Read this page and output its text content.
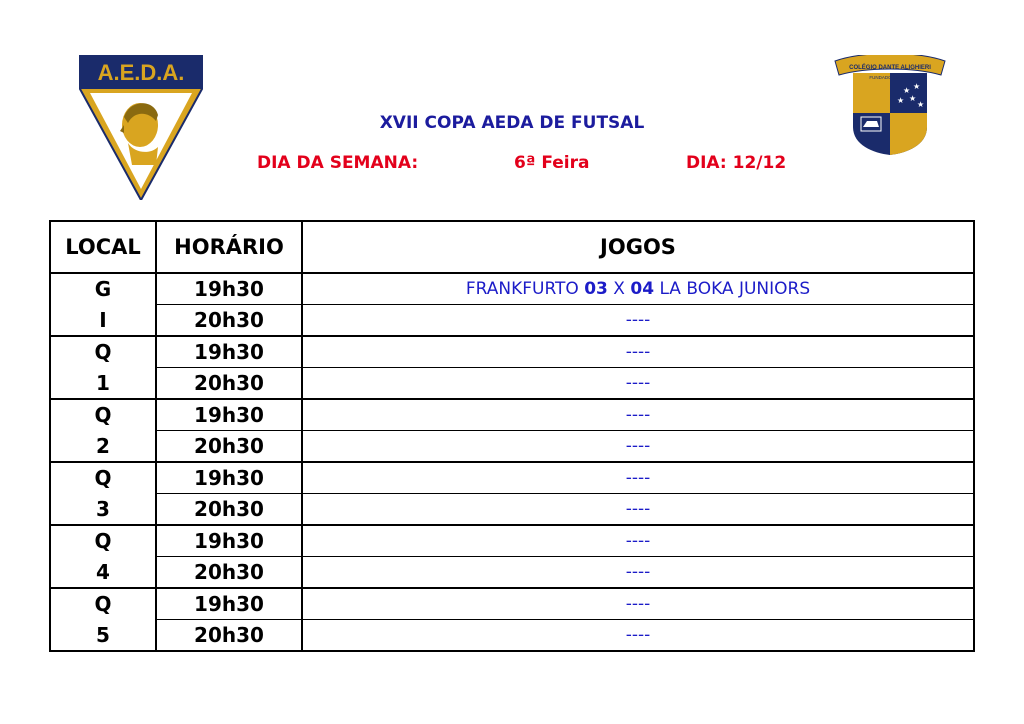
A.E.D.A.	COLÉGIO DANTE ALIGHIERI
FUNDADO EM 1911
★ ★
★ ★
★
XVII COPA AEDA DE FUTSAL
DIA DA SEMANA:	6ª Feira	DIA: 12/12
LOCAL	HORÁRIO	JOGOS
G	19h30	FRANKFURTO 03 X 04 LA BOKA JUNIORS
I	20h30	----
Q	19h30	----
1	20h30	----
Q	19h30	----
2	20h30	----
Q	19h30	----
3	20h30	----
Q	19h30	----
4	20h30	----
Q	19h30	----
5	20h30	----
